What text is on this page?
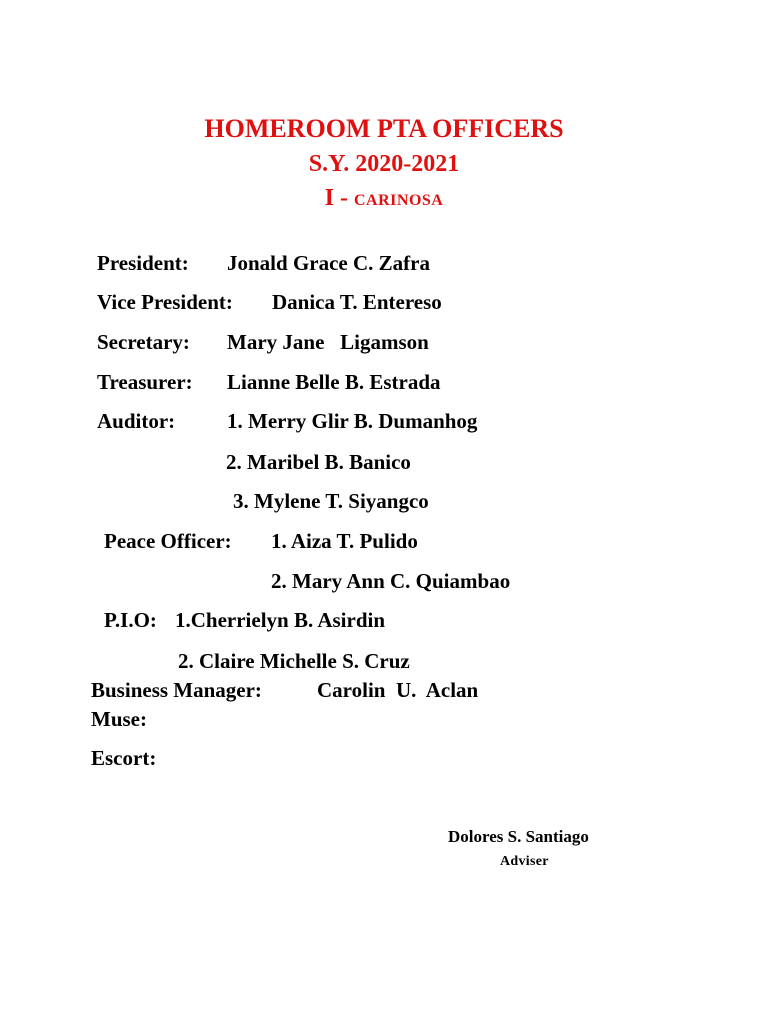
HOMEROOM PTA OFFICERS
S.Y. 2020-2021
I - CARINOSA
President: Jonald Grace C. Zafra
Vice President: Danica T. Entereso
Secretary: Mary Jane   Ligamson
Treasurer: Lianne Belle B. Estrada
Auditor: 1. Merry Glir B. Dumanhog
2. Maribel B. Banico
3. Mylene T. Siyangco
Peace Officer: 1. Aiza T. Pulido
2. Mary Ann C. Quiambao
P.I.O: 1.Cherrielyn B. Asirdin
2. Claire Michelle S. Cruz
Business Manager:	Carolin  U.  Aclan
Muse:
Escort:
Dolores S. Santiago
Adviser
